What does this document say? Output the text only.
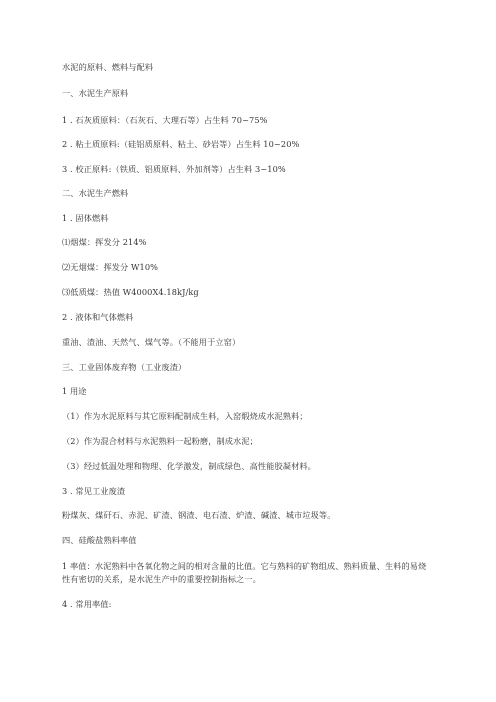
水泥的原料、燃料与配料
一、水泥生产原料
1 . 石灰质原料：（石灰石、大理石等）占生料 70~75%
2 . 粘土质原料:（硅铝质原料、粘土、砂岩等）占生料 10~20%
3 . 校正原料:（铁质、铝质原料、外加剂等）占生料 3~10%
二、水泥生产燃料
1 . 固体燃料
⑴烟煤：挥发分 214%
⑵无烟煤：挥发分 W10%
⑶低质煤：热值 W4000X4.18kJ/kg
2 . 液体和气体燃料
重油、渣油、天然气、煤气等。（不能用于立窑）
三、工业固体废弃物（工业废渣）
1 用途
（1）作为水泥原料与其它原料配制成生料，入窑煅烧成水泥熟料；
（2）作为混合材料与水泥熟料一起粉磨，制成水泥；
（3）经过低温处理和物理、化学激发，制成绿色、高性能胶凝材料。
3 . 常见工业废渣
粉煤灰、煤矸石、赤泥、矿渣、钢渣、电石渣、炉渣、碱渣、城市垃圾等。
四、硅酸盐熟料率值
1 率值：水泥熟料中各氧化物之间的相对含量的比值。它与熟料的矿物组成、熟料质量、生料的易烧性有密切的关系，是水泥生产中的重要控制指标之一。
4 . 常用率值:
